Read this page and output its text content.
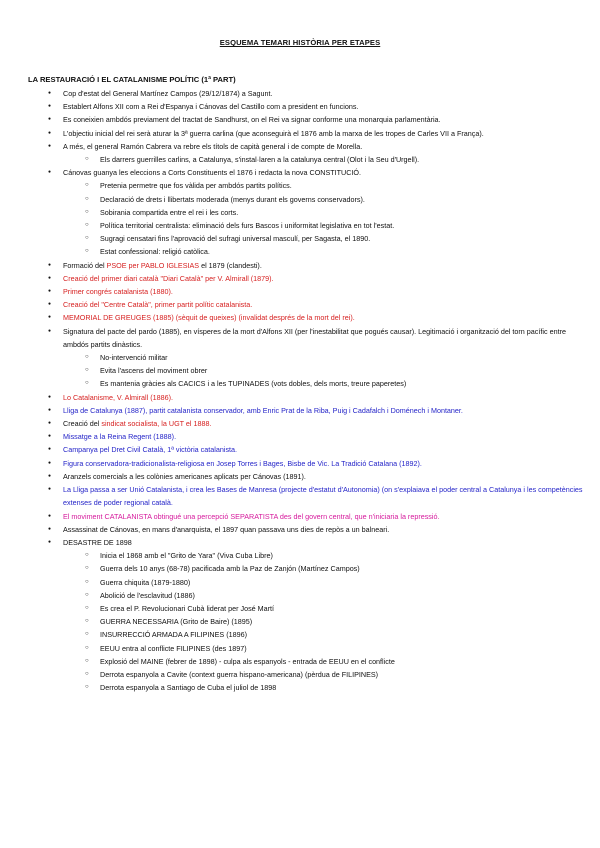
ESQUEMA TEMARI HISTÒRIA PER ETAPES
LA RESTAURACIÓ I EL CATALANISME POLÍTIC (1ª PART)
● Cop d'estat del General Martínez Campos (29/12/1874) a Sagunt.
● Establert Alfons XII com a Rei d'Espanya i Cánovas del Castillo com a president en funcions.
● Es coneixien ambdós previament del tractat de Sandhurst, on el Rei va signar conforme una monarquia parlamentària.
● L'objectiu inicial del rei serà aturar la 3ª guerra carlina (que aconseguirà el 1876 amb la marxa de les tropes de Carles VII a França).
● A més, el general Ramón Cabrera va rebre els títols de capità general i de compte de Morella.
○ Els darrers guerrilles carlins, a Catalunya, s'instal·laren a la catalunya central (Olot i la Seu d'Urgell).
● Cánovas guanya les eleccions a Corts Constituents el 1876 i redacta la nova CONSTITUCIÓ.
○ Pretenia permetre que fos vàlida per ambdós partits polítics.
○ Declaració de drets i llibertats moderada (menys durant els governs conservadors).
○ Sobirania compartida entre el rei i les corts.
○ Política territorial centralista: eliminació dels furs Bascos i uniformitat legislativa en tot l'estat.
○ Sugragi censatari fins l'aprovació del sufragi universal masculí, per Sagasta, el 1890.
○ Estat confessional: religió catòlica.
● Formació del PSOE per PABLO IGLESIAS el 1879 (clandesti).
● Creació del primer diari català "Diari Català" per V. Almirall (1879).
● Primer congrés catalanista (1880).
● Creació del "Centre Català", primer partit polític catalanista.
● MEMORIAL DE GREUGES (1885) (sèquit de queixes) (invalidat després de la mort del rei).
● Signatura del pacte del pardo (1885), en vísperes de la mort d'Alfons XII (per l'inestabilitat que pogués causar). Legitimació i organització del torn pacífic entre ambdós partits dinàstics.
○ No-intervenció militar
○ Evita l'ascens del moviment obrer
○ Es mantenia gràcies als CACICS i a les TUPINADES (vots dobles, dels morts, treure paperetes)
● Lo Catalanisme, V. Almirall (1886).
● Lliga de Catalunya (1887), partit catalanista conservador, amb Enric Prat de la Riba, Puig i Cadafalch i Doménech i Montaner.
● Creació del sindicat socialista, la UGT el 1888.
● Missatge a la Reina Regent (1888).
● Campanya pel Dret Civil Català, 1ª victòria catalanista.
● Figura conservadora-tradicionalista-religiosa en Josep Torres i Bages, Bisbe de Vic. La Tradició Catalana (1892).
● Aranzels comercials a les colònies americanes aplicats per Cánovas (1891).
● La Lliga passa a ser Unió Catalanista, i crea les Bases de Manresa (projecte d'estatut d'Autonomia) (on s'explaiava el poder central a Catalunya i les competències extenses de poder regional català.
● El moviment CATALANISTA obtingué una percepció SEPARATISTA des del govern central, que n'iniciaria la repressió.
● Assassinat de Cánovas, en mans d'anarquista, el 1897 quan passava uns dies de repòs a un balneari.
● DESASTRE DE 1898
○ Inicia el 1868 amb el "Grito de Yara" (Viva Cuba Libre)
○ Guerra dels 10 anys (68-78) pacificada amb la Paz de Zanjón (Martínez Campos)
○ Guerra chiquita (1879-1880)
○ Abolició de l'esclavitud (1886)
○ Es crea el P. Revolucionari Cubà liderat per José Martí
○ GUERRA NECESSARIA (Grito de Baire) (1895)
○ INSURRECCIÓ ARMADA A FILIPINES (1896)
○ EEUU entra al conflicte FILIPINES (des 1897)
○ Explosió del MAINE (febrer de 1898) - culpa als espanyols - entrada de EEUU en el conflicte
○ Derrota espanyola a Cavite (context guerra hispano-americana) (pèrdua de FILIPINES)
○ Derrota espanyola a Santiago de Cuba el juliol de 1898
